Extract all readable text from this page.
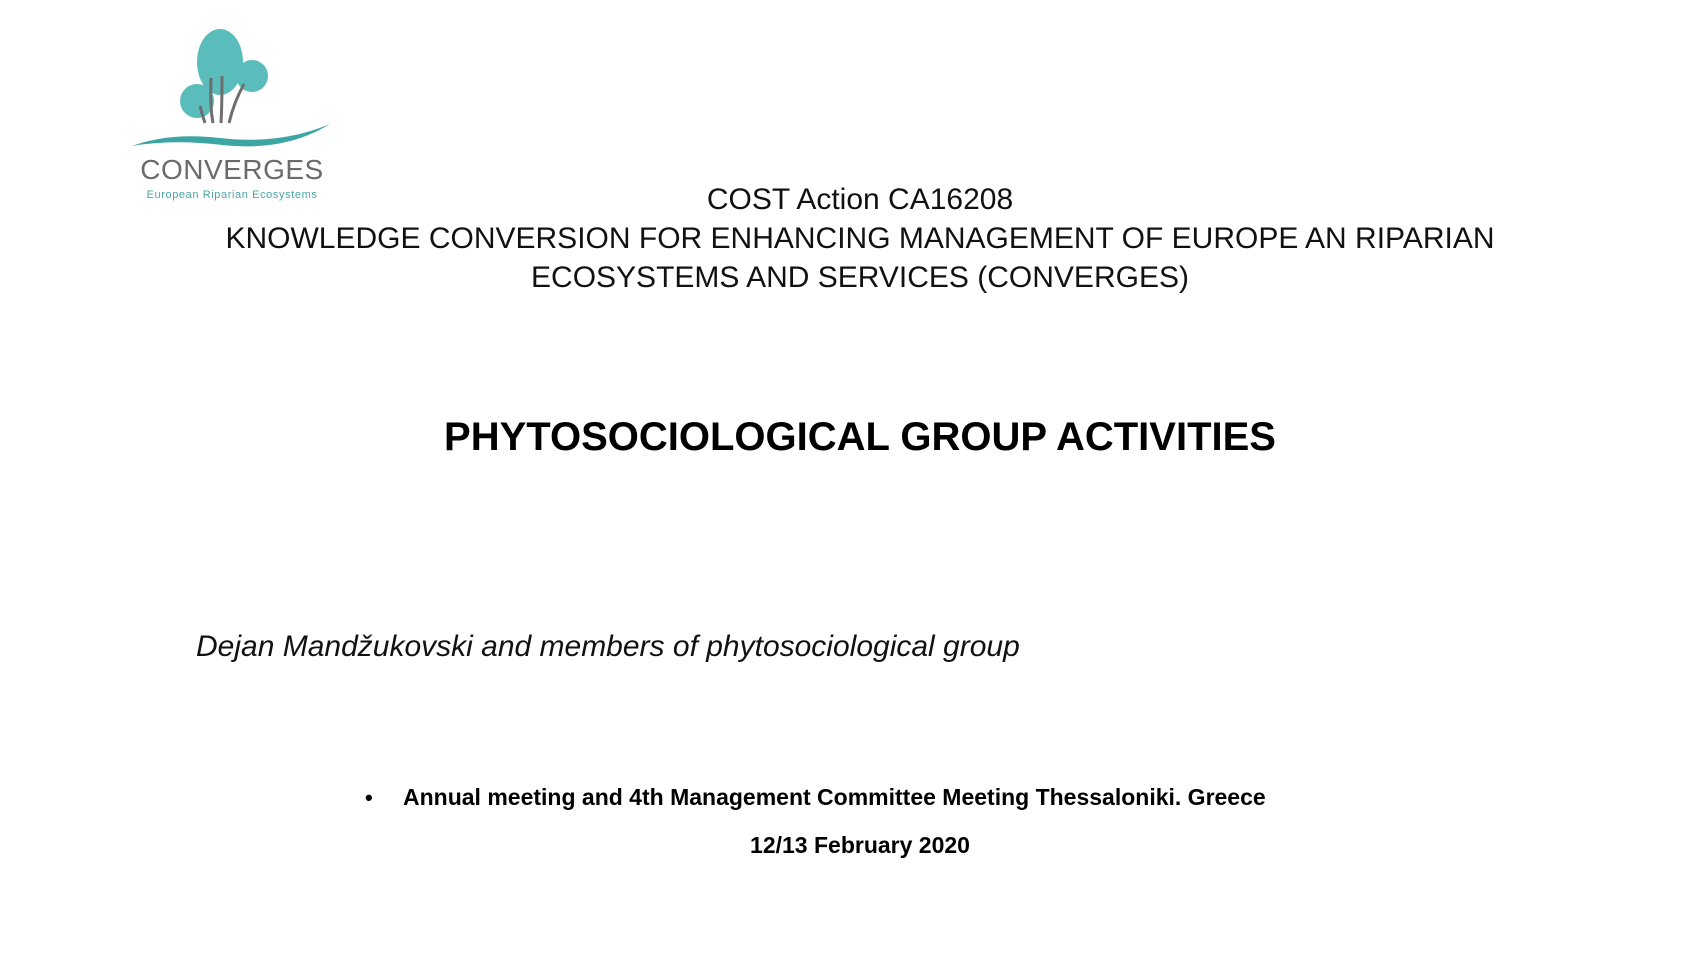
CONVERGES
European Riparian Ecosystems	COST Action CA16208
KNOWLEDGE CONVERSION FOR ENHANCING MANAGEMENT OF EUROPE AN RIPARIAN
ECOSYSTEMS AND SERVICES (CONVERGES)
PHYTOSOCIOLOGICAL GROUP ACTIVITIES
Dejan Mandžukovski and members of phytosociological group
• Annual meeting and 4th Management Committee Meeting Thessaloniki. Greece
12/13 February 2020
